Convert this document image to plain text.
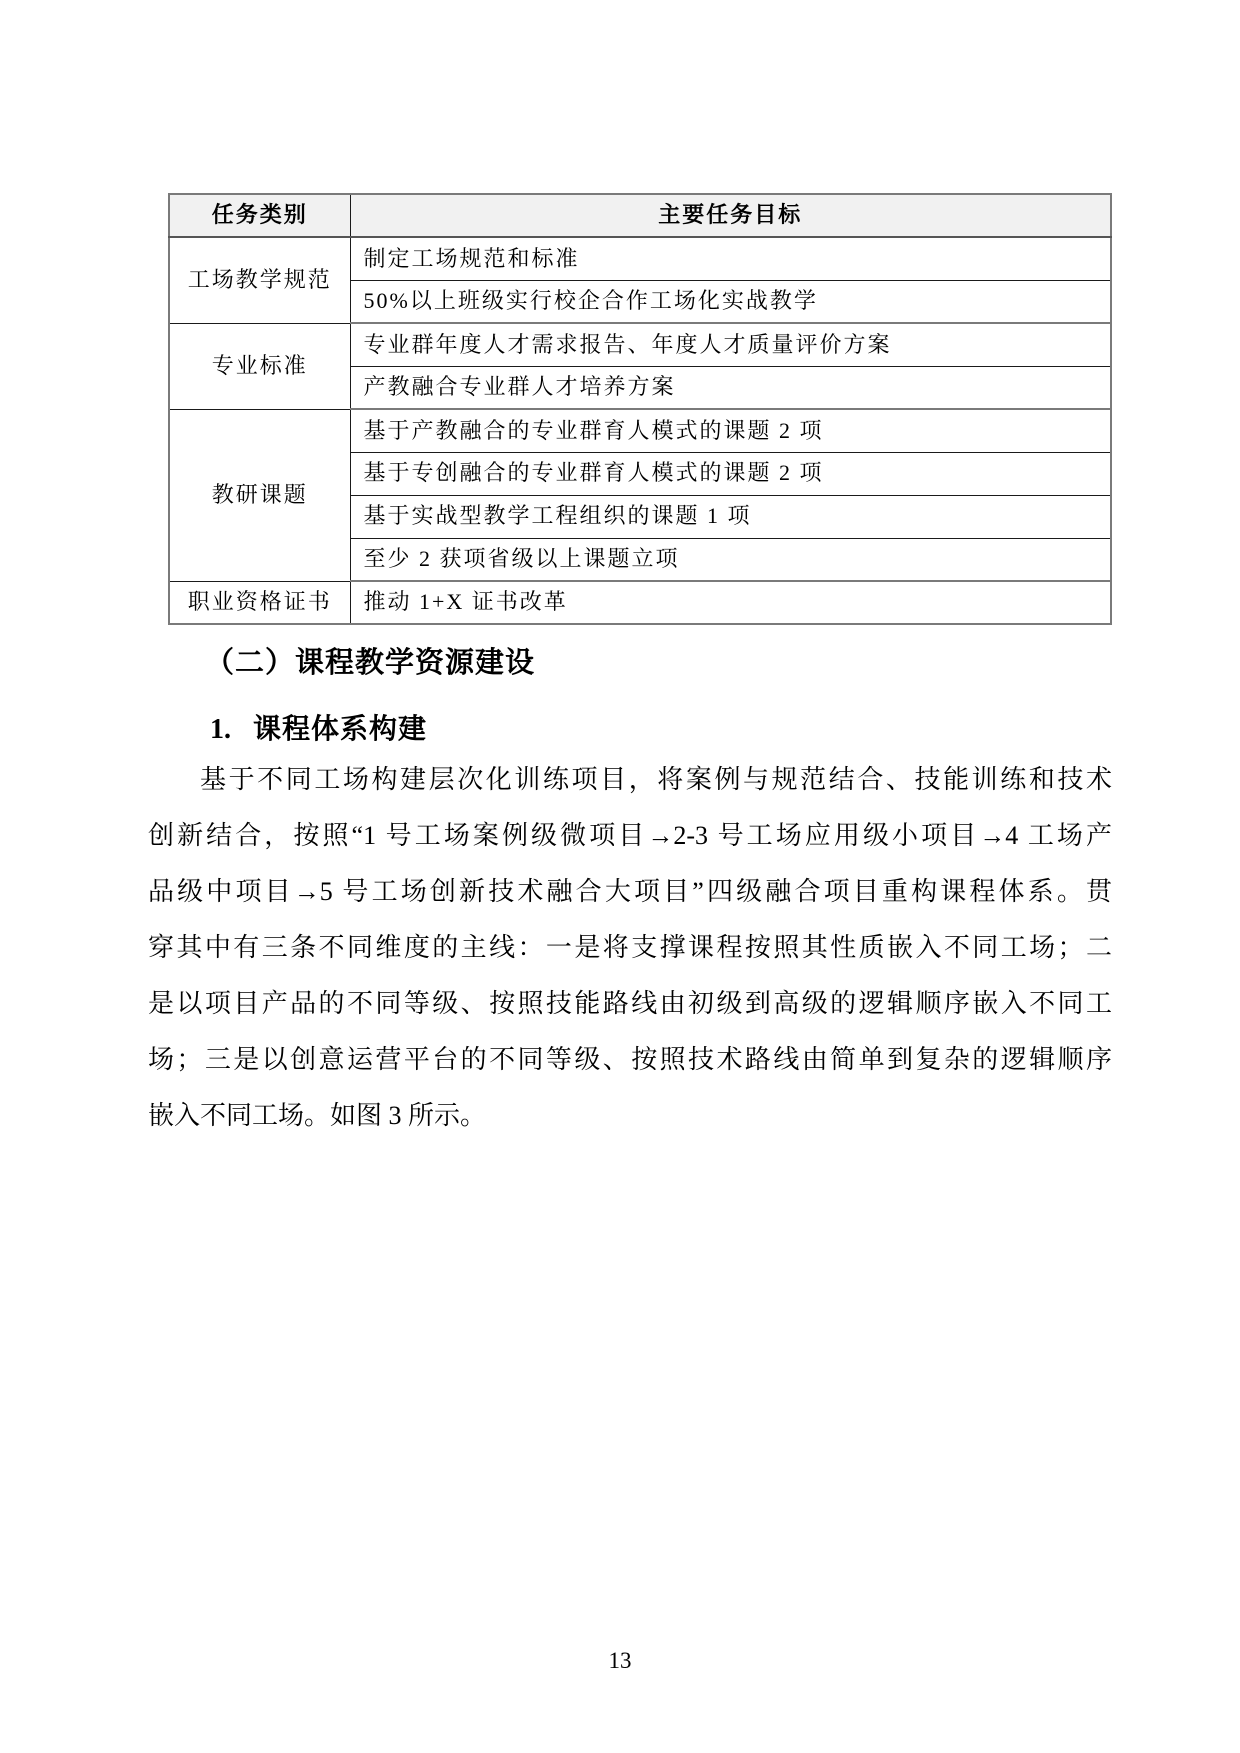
任务类别	主要任务目标
工场教学规范	制定工场规范和标准
	50%以上班级实行校企合作工场化实战教学
专业标准	专业群年度人才需求报告、年度人才质量评价方案
	产教融合专业群人才培养方案
教研课题	基于产教融合的专业群育人模式的课题 2 项
	基于专创融合的专业群育人模式的课题 2 项
	基于实战型教学工程组织的课题 1 项
	至少 2 获项省级以上课题立项
职业资格证书	推动 1+X 证书改革
（二）课程教学资源建设
1. 课程体系构建
基于不同工场构建层次化训练项目，将案例与规范结合、技能训练和技术
创新结合，按照“1 号工场案例级微项目→2-3 号工场应用级小项目→4 工场产
品级中项目→5 号工场创新技术融合大项目”四级融合项目重构课程体系。贯
穿其中有三条不同维度的主线：一是将支撑课程按照其性质嵌入不同工场；二
是以项目产品的不同等级、按照技能路线由初级到高级的逻辑顺序嵌入不同工
场；三是以创意运营平台的不同等级、按照技术路线由简单到复杂的逻辑顺序
嵌入不同工场。如图 3 所示。
13
